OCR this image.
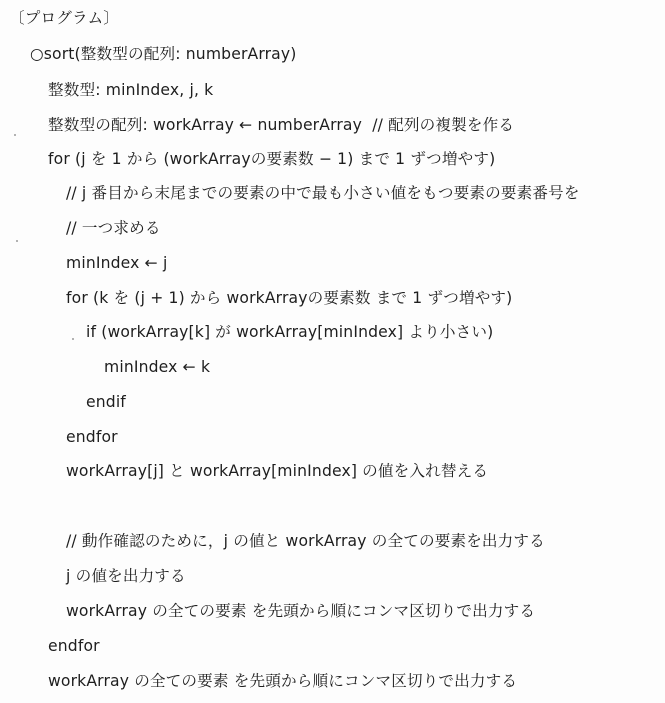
〔プログラム〕
○sort(整数型の配列: numberArray)
整数型: minIndex, j, k
整数型の配列: workArray ← numberArray  // 配列の複製を作る
for (j を 1 から (workArrayの要素数 − 1) まで 1 ずつ増やす)
// j 番目から末尾までの要素の中で最も小さい値をもつ要素の要素番号を
// 一つ求める
minIndex ← j
for (k を (j + 1) から workArrayの要素数 まで 1 ずつ増やす)
if (workArray[k] が workArray[minIndex] より小さい)
minIndex ← k
endif
endfor
workArray[j] と workArray[minIndex] の値を入れ替える
// 動作確認のために，j の値と workArray の全ての要素を出力する
j の値を出力する
workArray の全ての要素 を先頭から順にコンマ区切りで出力する
endfor
workArray の全ての要素 を先頭から順にコンマ区切りで出力する
